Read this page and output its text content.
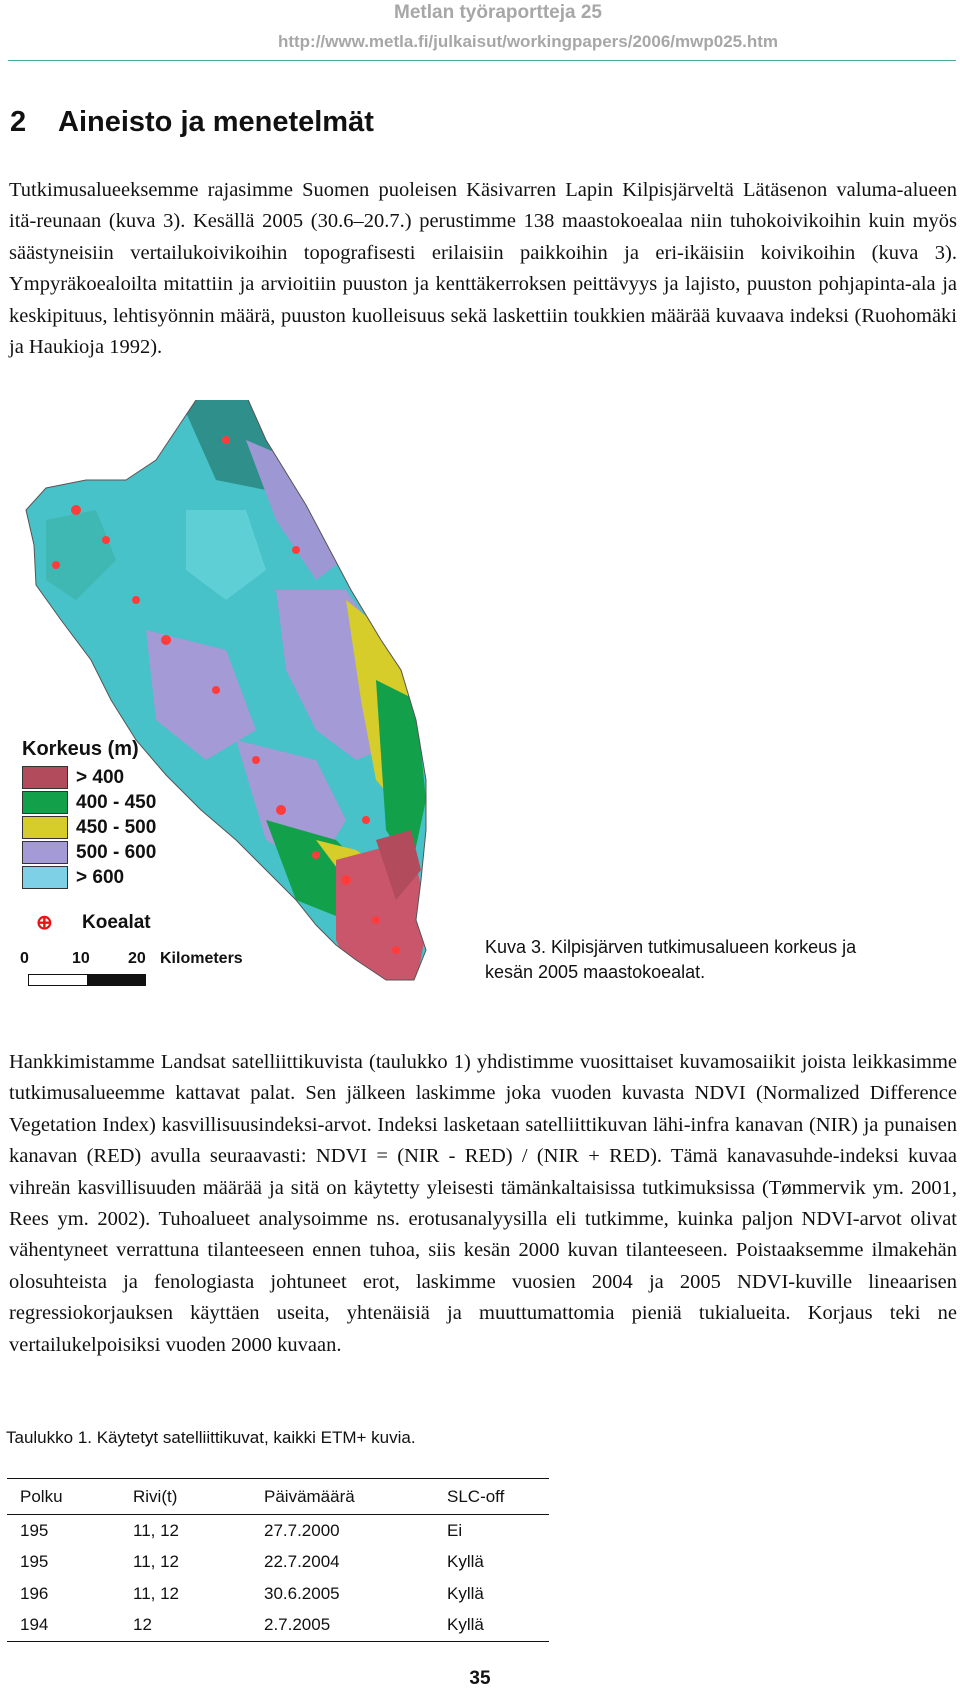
Metlan työraportteja 25
http://www.metla.fi/julkaisut/workingpapers/2006/mwp025.htm
2 Aineisto ja menetelmät

Tutkimusalueeksemme rajasimme Suomen puoleisen Käsivarren Lapin Kilpisjärveltä Lätäsenon valuma-alueen itä-reunaan (kuva 3). Kesällä 2005 (30.6–20.7.) perustimme 138 maastokoealaa niin tuhokoivikoihin kuin myös säästyneisiin vertailukoivikoihin topografisesti erilaisiin paikkoihin ja eri-ikäisiin koivikoihin (kuva 3). Ympyräkoealoilta mitattiin ja arvioitiin puuston ja kenttäkerroksen peittävyys ja lajisto, puuston pohjapinta-ala ja keskipituus, lehtisyönnin määrä, puuston kuolleisuus sekä laskettiin toukkien määrää kuvaava indeksi (Ruohomäki ja Haukioja 1992).

Korkeus (m)
> 400
400 - 450
450 - 500
500 - 600
> 600
⊕ Koealat
0	10 20 Kilometers

Kuva 3. Kilpisjärven tutkimusalueen korkeus ja kesän 2005 maastokoealat.

Hankkimistamme Landsat satelliittikuvista (taulukko 1) yhdistimme vuosittaiset kuvamosaiikit joista leikkasimme tutkimusalueemme kattavat palat. Sen jälkeen laskimme joka vuoden kuvasta NDVI (Normalized Difference Vegetation Index) kasvillisuusindeksi-arvot. Indeksi lasketaan satelliittikuvan lähi-infra kanavan (NIR) ja punaisen kanavan (RED) avulla seuraavasti: NDVI = (NIR - RED) / (NIR + RED). Tämä kanavasuhde-indeksi kuvaa vihreän kasvillisuuden määrää ja sitä on käytetty yleisesti tämänkaltaisissa tutkimuksissa (Tømmervik ym. 2001, Rees ym. 2002). Tuhoalueet analysoimme ns. erotusanalyysilla eli tutkimme, kuinka paljon NDVI-arvot olivat vähentyneet verrattuna tilanteeseen ennen tuhoa, siis kesän 2000 kuvan tilanteeseen. Poistaaksemme ilmakehän olosuhteista ja fenologiasta johtuneet erot, laskimme vuosien 2004 ja 2005 NDVI-kuville lineaarisen regressiokorjauksen käyttäen useita, yhtenäisiä ja muuttumattomia pieniä tukialueita. Korjaus teki ne vertailukelpoisiksi vuoden 2000 kuvaan.

Taulukko 1. Käytetyt satelliittikuvat, kaikki ETM+ kuvia.

Polku	Rivi(t)	Päivämäärä	SLC-off
195	11, 12	27.7.2000	Ei
195	11, 12	22.7.2004	Kyllä
196	11, 12	30.6.2005	Kyllä
194	12	2.7.2005	Kyllä
35
